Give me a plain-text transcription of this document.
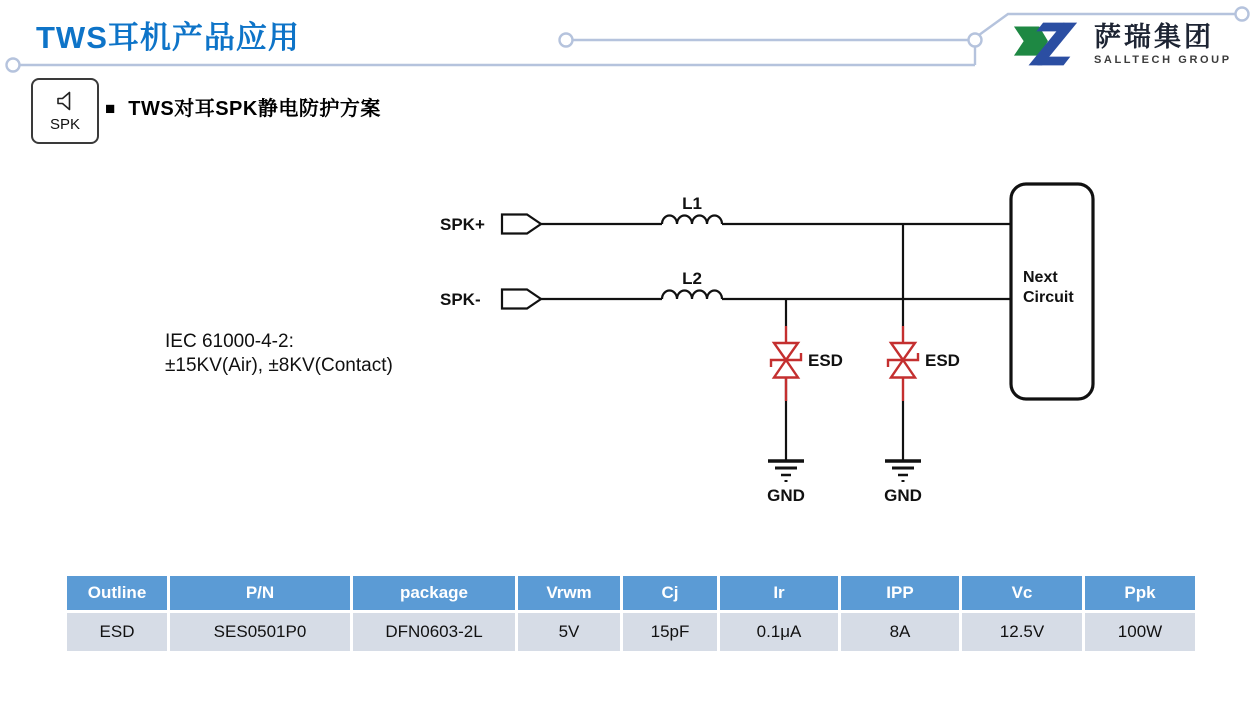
TWS耳机产品应用	萨瑞集团
SALLTECH GROUP
SPK
■ TWS对耳SPK静电防护方案
IEC 61000-4-2:
±15KV(Air), ±8KV(Contact)
SPK+
SPK-
L1
L2
ESD	ESD
GND	GND
Next
Circuit
Outline	P/N	package	Vrwm	Cj	Ir	IPP	Vc	Ppk
ESD	SES0501P0	DFN0603-2L	5V	15pF	0.1μA	8A	12.5V	100W
